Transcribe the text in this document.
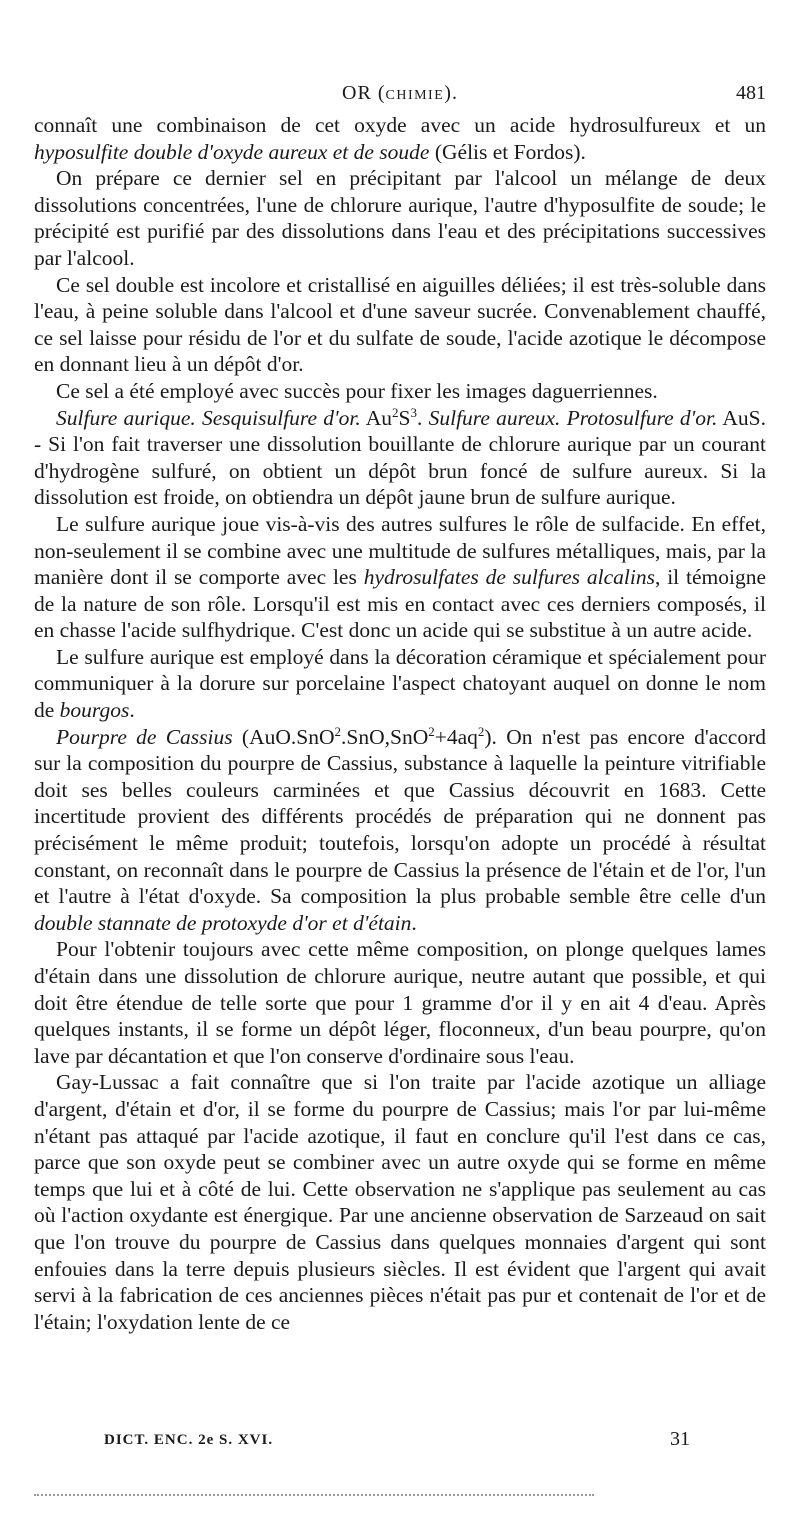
OR (CHIMIE).	481

connaît une combinaison de cet oxyde avec un acide hydrosulfureux et un hyposulfite double d'oxyde aureux et de soude (Gélis et Fordos).

On prépare ce dernier sel en précipitant par l'alcool un mélange de deux dissolutions concentrées, l'une de chlorure aurique, l'autre d'hyposulfite de soude; le précipité est purifié par des dissolutions dans l'eau et des précipitations successives par l'alcool.

Ce sel double est incolore et cristallisé en aiguilles déliées; il est très-soluble dans l'eau, à peine soluble dans l'alcool et d'une saveur sucrée. Convenablement chauffé, ce sel laisse pour résidu de l'or et du sulfate de soude, l'acide azotique le décompose en donnant lieu à un dépôt d'or.

Ce sel a été employé avec succès pour fixer les images daguerriennes.

Sulfure aurique. Sesquisulfure d'or. $Au^2S^3$. Sulfure aureux. Protosulfure d'or. AuS. - Si l'on fait traverser une dissolution bouillante de chlorure aurique par un courant d'hydrogène sulfuré, on obtient un dépôt brun foncé de sulfure aureux. Si la dissolution est froide, on obtiendra un dépôt jaune brun de sulfure aurique.

Le sulfure aurique joue vis-à-vis des autres sulfures le rôle de sulfacide. En effet, non-seulement il se combine avec une multitude de sulfures métalliques, mais, par la manière dont il se comporte avec les hydrosulfates de sulfures alcalins, il témoigne de la nature de son rôle. Lorsqu'il est mis en contact avec ces derniers composés, il en chasse l'acide sulfhydrique. C'est donc un acide qui se substitue à un autre acide.

Le sulfure aurique est employé dans la décoration céramique et spécialement pour communiquer à la dorure sur porcelaine l'aspect chatoyant auquel on donne le nom de bourgos.

Pourpre de Cassius $(AuO.SnO^2.SnO,SnO^2+4aq^2)$. On n'est pas encore d'accord sur la composition du pourpre de Cassius, substance à laquelle la peinture vitrifiable doit ses belles couleurs carminées et que Cassius découvrit en 1683. Cette incertitude provient des différents procédés de préparation qui ne donnent pas précisément le même produit; toutefois, lorsqu'on adopte un procédé à résultat constant, on reconnaît dans le pourpre de Cassius la présence de l'étain et de l'or, l'un et l'autre à l'état d'oxyde. Sa composition la plus probable semble être celle d'un double stannate de protoxyde d'or et d'étain.

Pour l'obtenir toujours avec cette même composition, on plonge quelques lames d'étain dans une dissolution de chlorure aurique, neutre autant que possible, et qui doit être étendue de telle sorte que pour 1 gramme d'or il y en ait 4 d'eau. Après quelques instants, il se forme un dépôt léger, floconneux, d'un beau pourpre, qu'on lave par décantation et que l'on conserve d'ordinaire sous l'eau.

Gay-Lussac a fait connaître que si l'on traite par l'acide azotique un alliage d'argent, d'étain et d'or, il se forme du pourpre de Cassius; mais l'or par lui-même n'étant pas attaqué par l'acide azotique, il faut en conclure qu'il l'est dans ce cas, parce que son oxyde peut se combiner avec un autre oxyde qui se forme en même temps que lui et à côté de lui. Cette observation ne s'applique pas seulement au cas où l'action oxydante est énergique. Par une ancienne observation de Sarzeaud on sait que l'on trouve du pourpre de Cassius dans quelques monnaies d'argent qui sont enfouies dans la terre depuis plusieurs siècles. Il est évident que l'argent qui avait servi à la fabrication de ces anciennes pièces n'était pas pur et contenait de l'or et de l'étain; l'oxydation lente de ce

DICT. ENC. 2e S. XVI.	31
